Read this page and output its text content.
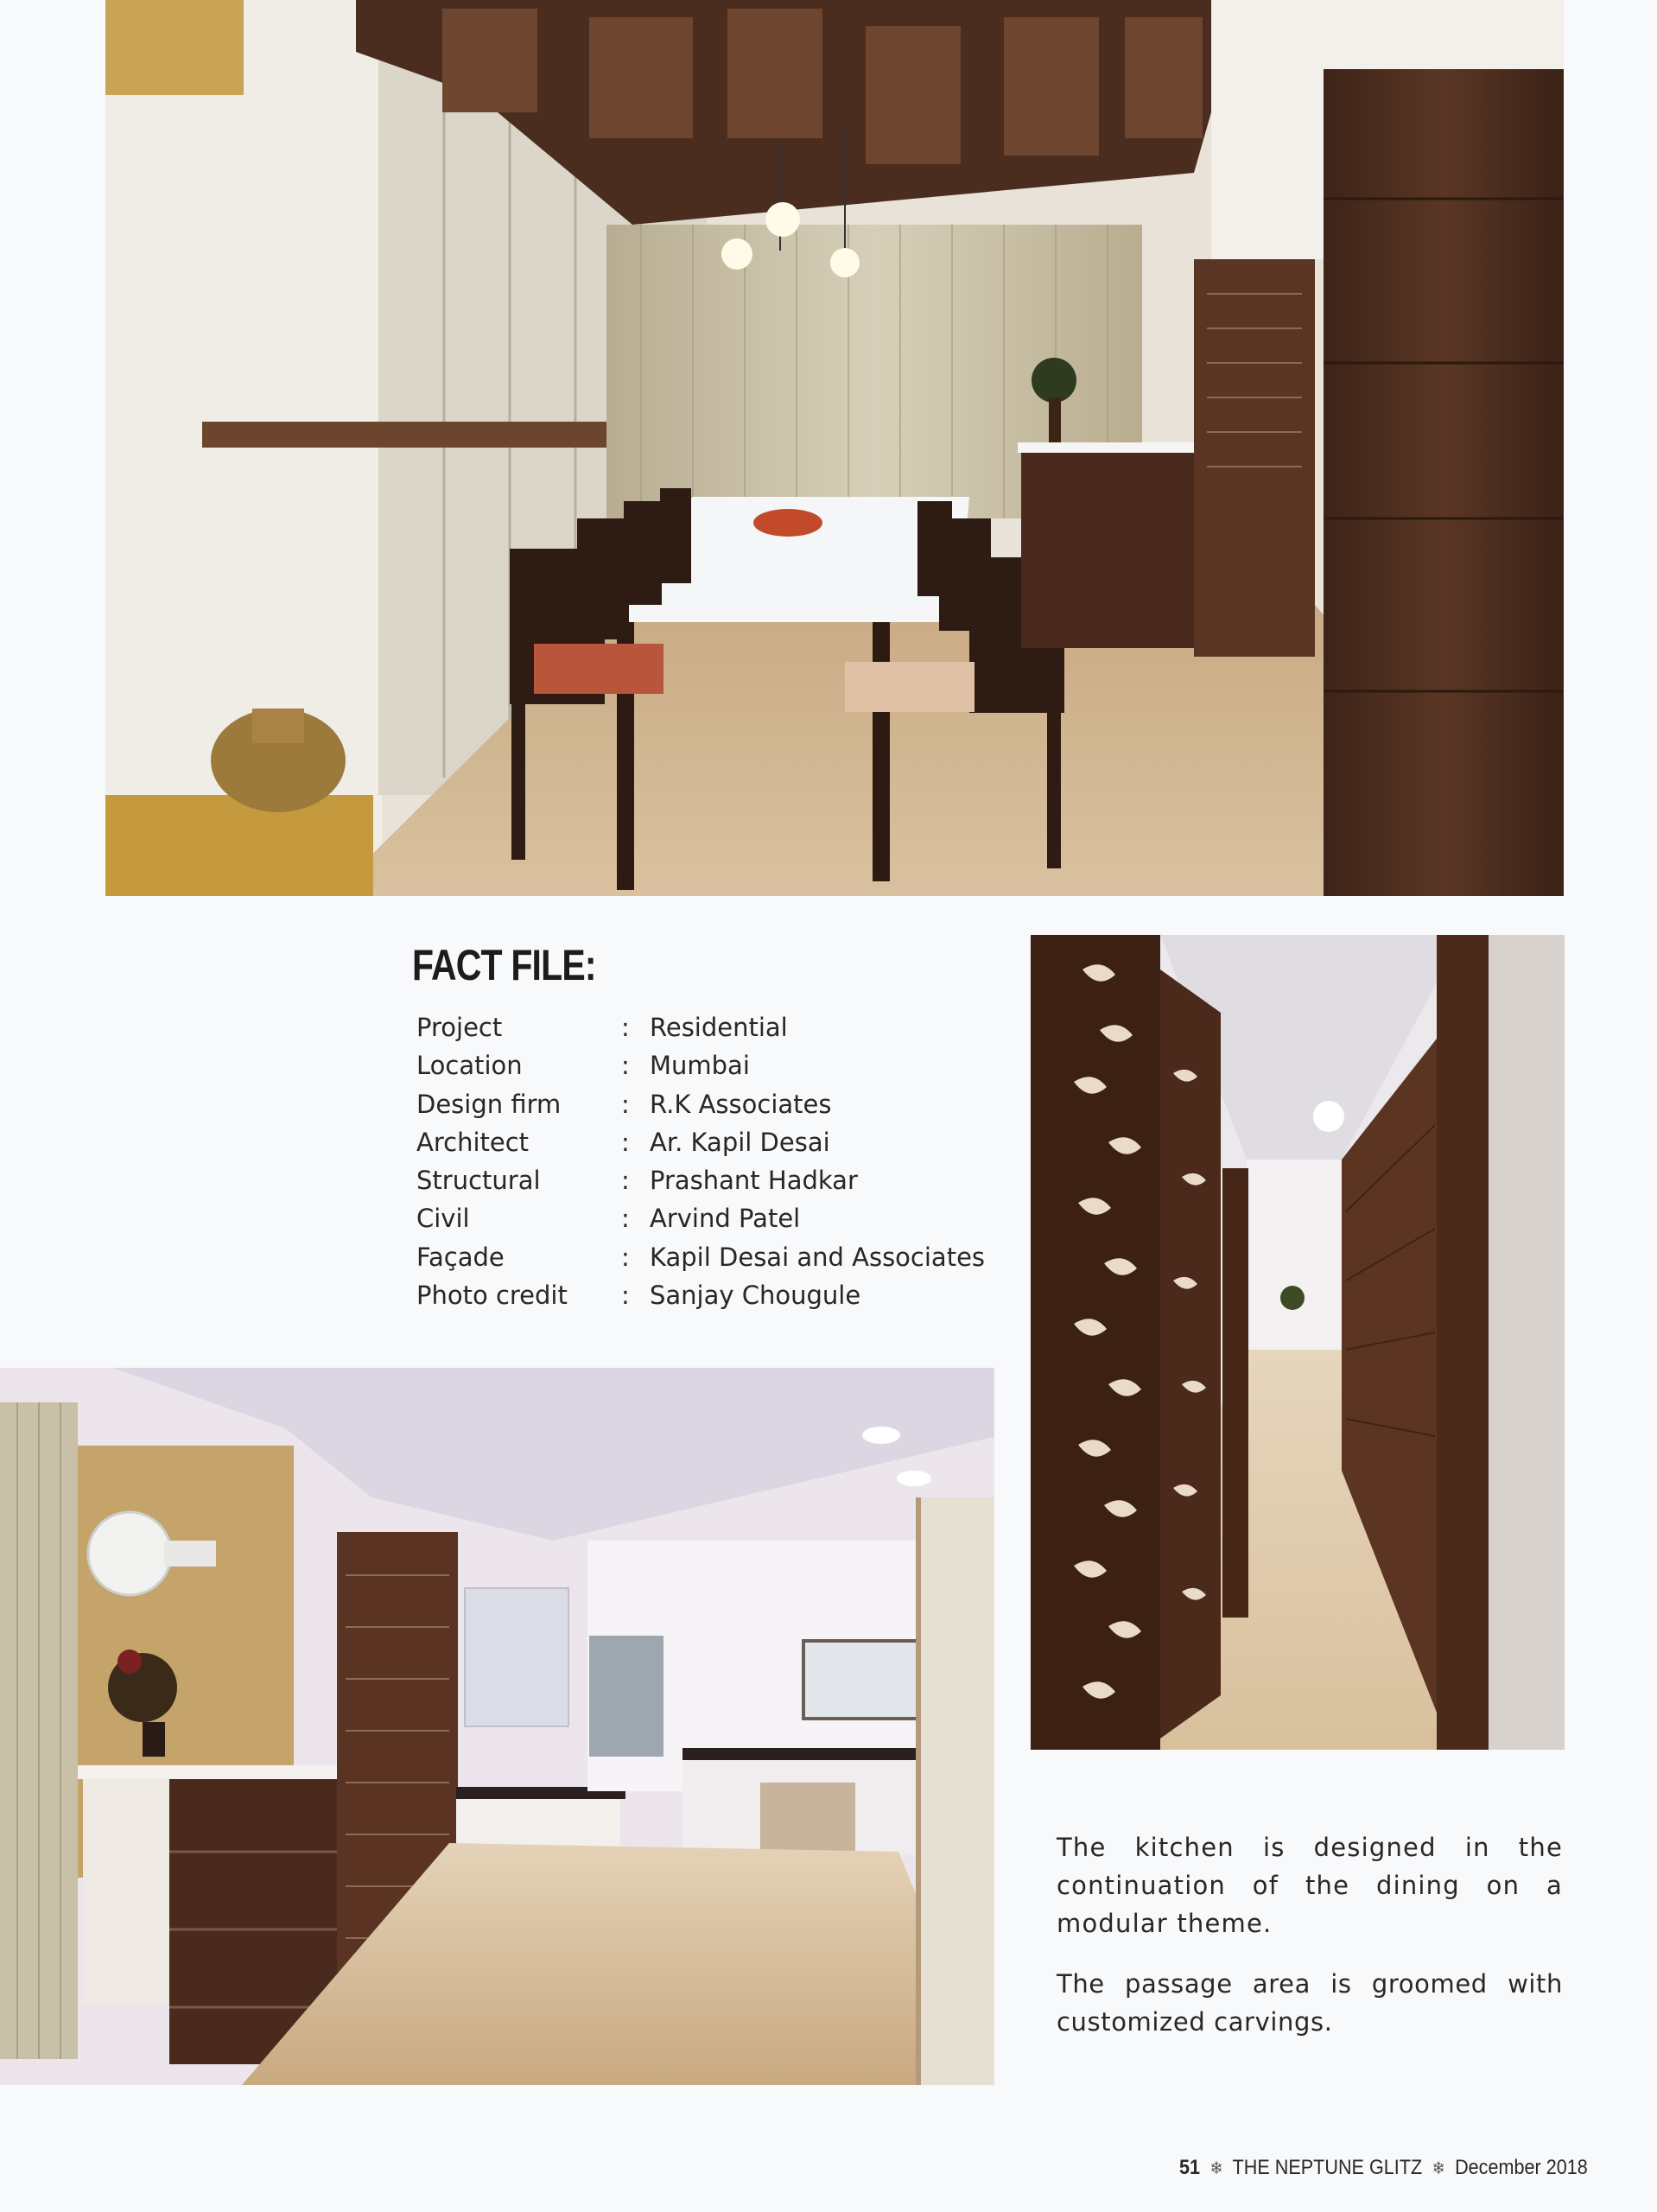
FACT FILE:
Project	: Residential
Location	: Mumbai
Design firm : R.K Associates
Architect	: Ar. Kapil Desai
Structural	: Prashant Hadkar
Civil	: Arvind Patel
Façade	: Kapil Desai and Associates
Photo credit : Sanjay Chougule

The kitchen is designed in the continuation of the dining on a modular theme.

The passage area is groomed with customized carvings.

51 ❄ THE NEPTUNE GLITZ ❄ December 2018
